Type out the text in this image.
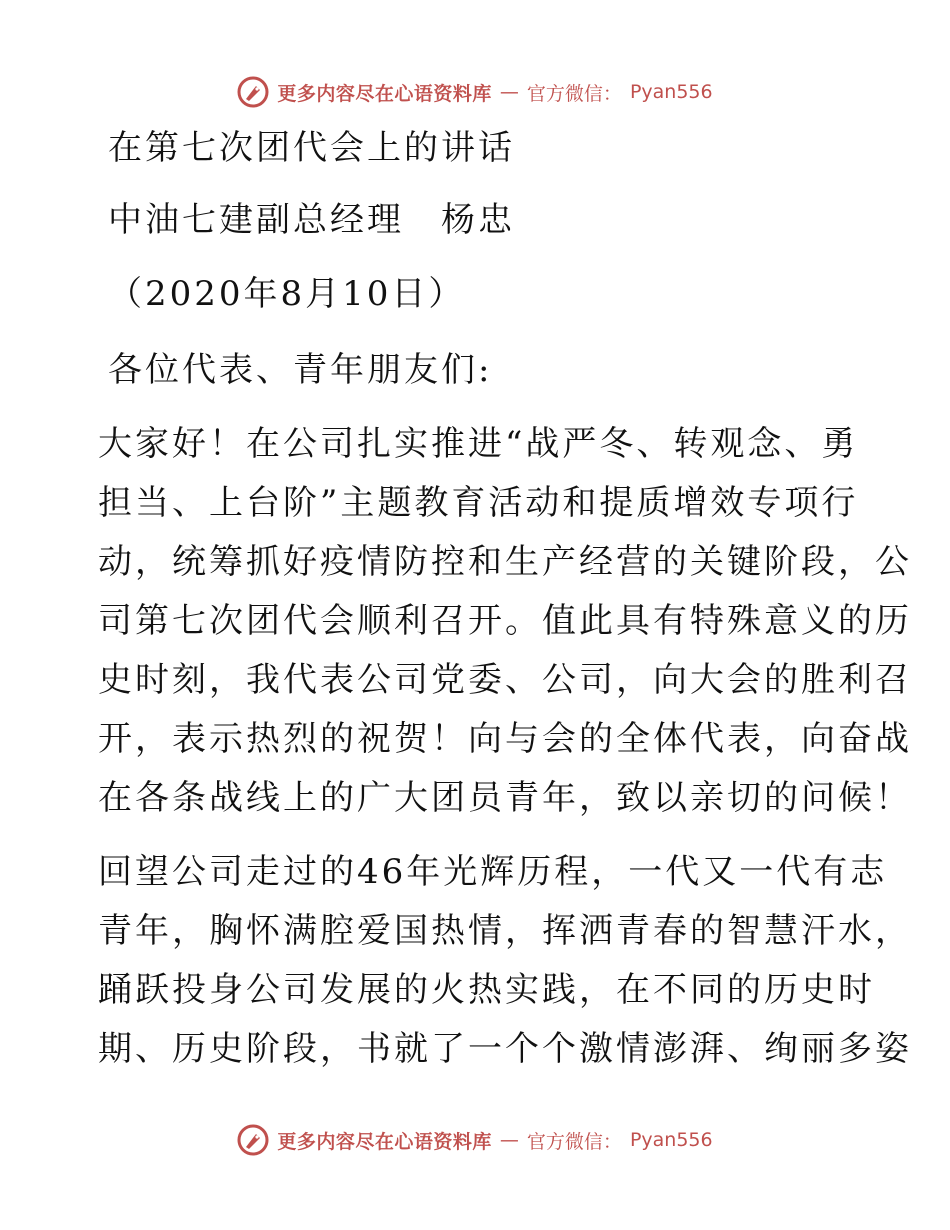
更多内容尽在心语资料库 — 官方微信： Pyan556
在第七次团代会上的讲话
中油七建副总经理　杨忠
（2020年8月10日）
各位代表、青年朋友们:
大家好！在公司扎实推进“战严冬、转观念、勇
担当、上台阶”主题教育活动和提质增效专项行
动，统筹抓好疫情防控和生产经营的关键阶段，公
司第七次团代会顺利召开。值此具有特殊意义的历
史时刻，我代表公司党委、公司，向大会的胜利召
开，表示热烈的祝贺！向与会的全体代表，向奋战
在各条战线上的广大团员青年，致以亲切的问候！
回望公司走过的46年光辉历程，一代又一代有志
青年，胸怀满腔爱国热情，挥洒青春的智慧汗水，
踊跃投身公司发展的火热实践，在不同的历史时
期、历史阶段，书就了一个个激情澎湃、绚丽多姿
更多内容尽在心语资料库 — 官方微信： Pyan556
